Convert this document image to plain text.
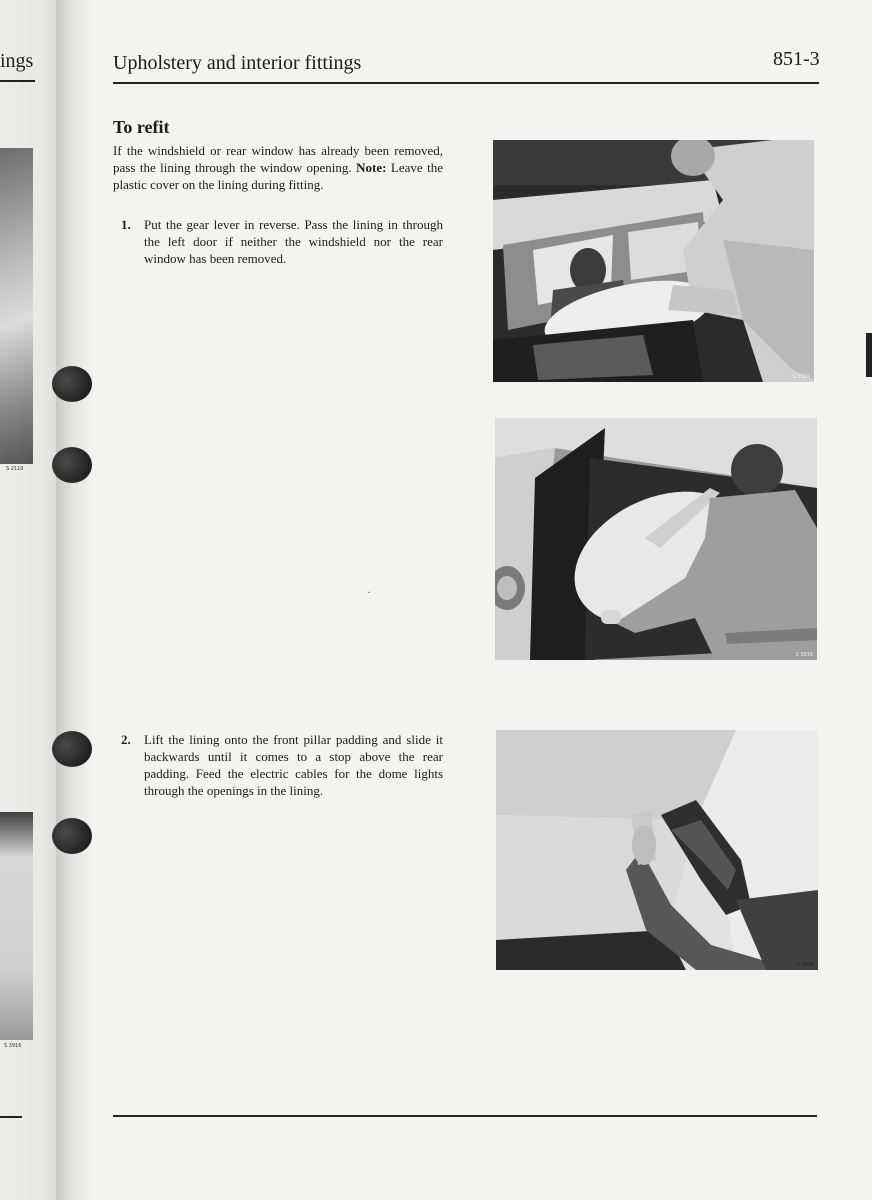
ings
S 2110
S 3916
Upholstery and interior fittings	851-3
To refit

If the windshield or rear window has already been removed, pass the lining through the window opening. Note: Leave the plastic cover on the lining during fitting.

1. Put the gear lever in reverse. Pass the lining in through the left door if neither the windshield nor the rear window has been removed.
2. Lift the lining onto the front pillar padding and slide it backwards until it comes to a stop above the rear padding. Feed the electric cables for the dome lights through the openings in the lining.
·
S 3919
S 3916
S 3916
